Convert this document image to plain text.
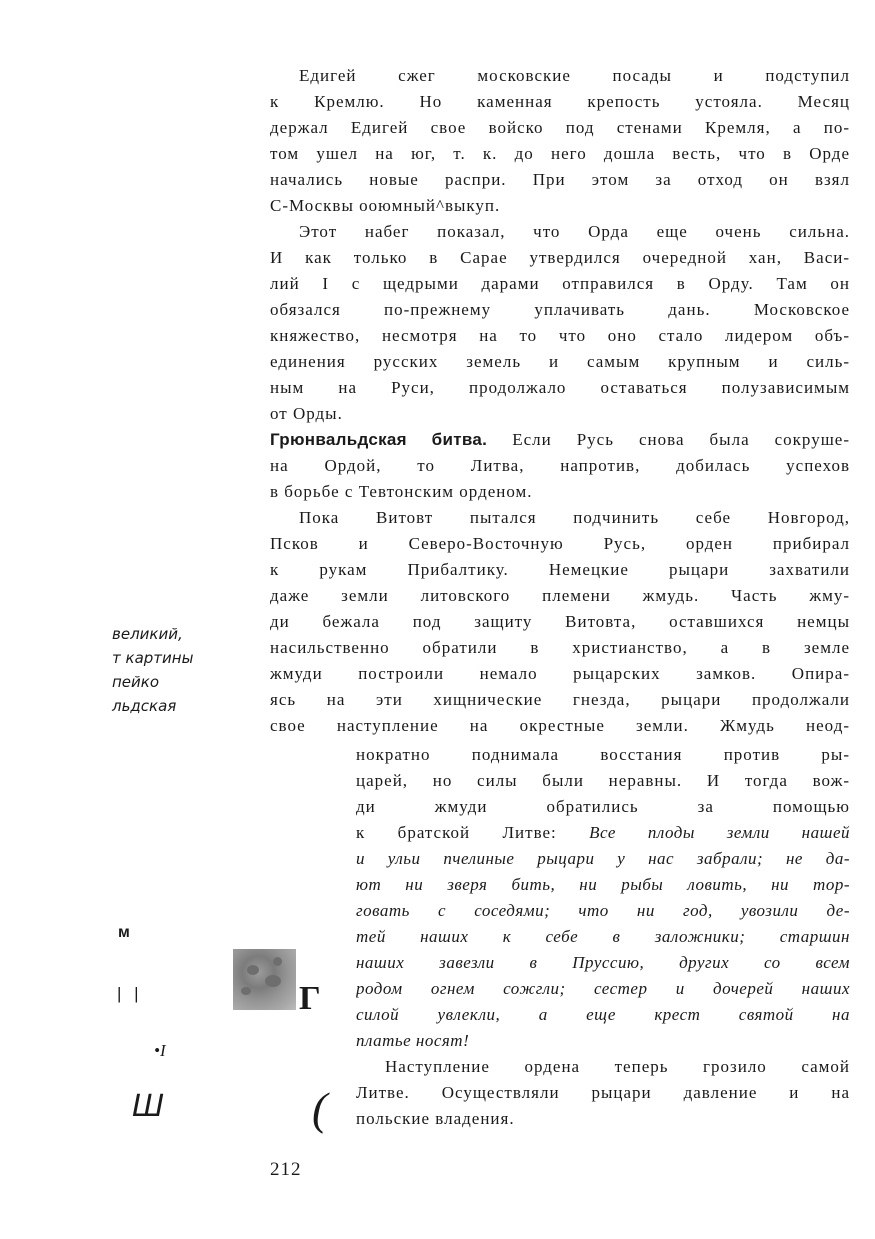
Едигей сжег московские посады и подступил
к Кремлю. Но каменная крепость устояла. Месяц
держал Едигей свое войско под стенами Кремля, а по-
том ушел на юг, т. к. до него дошла весть, что в Орде
начались новые распри. При этом за отход он взял
С-Москвы ооюмный^выкуп.
Этот набег показал, что Орда еще очень сильна.
И как только в Сарае утвердился очередной хан, Васи-
лий I с щедрыми дарами отправился в Орду. Там он
обязался по-прежнему уплачивать дань. Московское
княжество, несмотря на то что оно стало лидером объ-
единения русских земель и самым крупным и силь-
ным на Руси, продолжало оставаться полузависимым
от Орды.
Грюнвальдская битва. Если Русь снова была сокруше-
на Ордой, то Литва, напротив, добилась успехов
в борьбе с Тевтонским орденом.
Пока Витовт пытался подчинить себе Новгород,
Псков и Северо-Восточную Русь, орден прибирал
к рукам Прибалтику. Немецкие рыцари захватили
даже земли литовского племени жмудь. Часть жму-
ди бежала под защиту Витовта, оставшихся немцы
насильственно обратили в христианство, а в земле
жмуди построили немало рыцарских замков. Опира-
ясь на эти хищнические гнезда, рыцари продолжали
свое наступление на окрестные земли. Жмудь неод-
нократно поднимала восстания против ры-
царей, но силы были неравны. И тогда вож-
ди жмуди обратились за помощью
к братской Литве: Все плоды земли нашей
и ульи пчелиные рыцари у нас забрали; не да-
ют ни зверя бить, ни рыбы ловить, ни тор-
говать с соседями; что ни год, увозили де-
тей наших к себе в заложники; старшин
наших завезли в Пруссию, других со всем
родом огнем сожгли; сестер и дочерей наших
силой увлекли, а еще крест святой на
платье носят!
Наступление ордена теперь грозило самой
Литве. Осуществляли рыцари давление и на
польские владения.
великий,
т картины
пейко
льдская
м
| |
•I
Ш
Г
(
212
